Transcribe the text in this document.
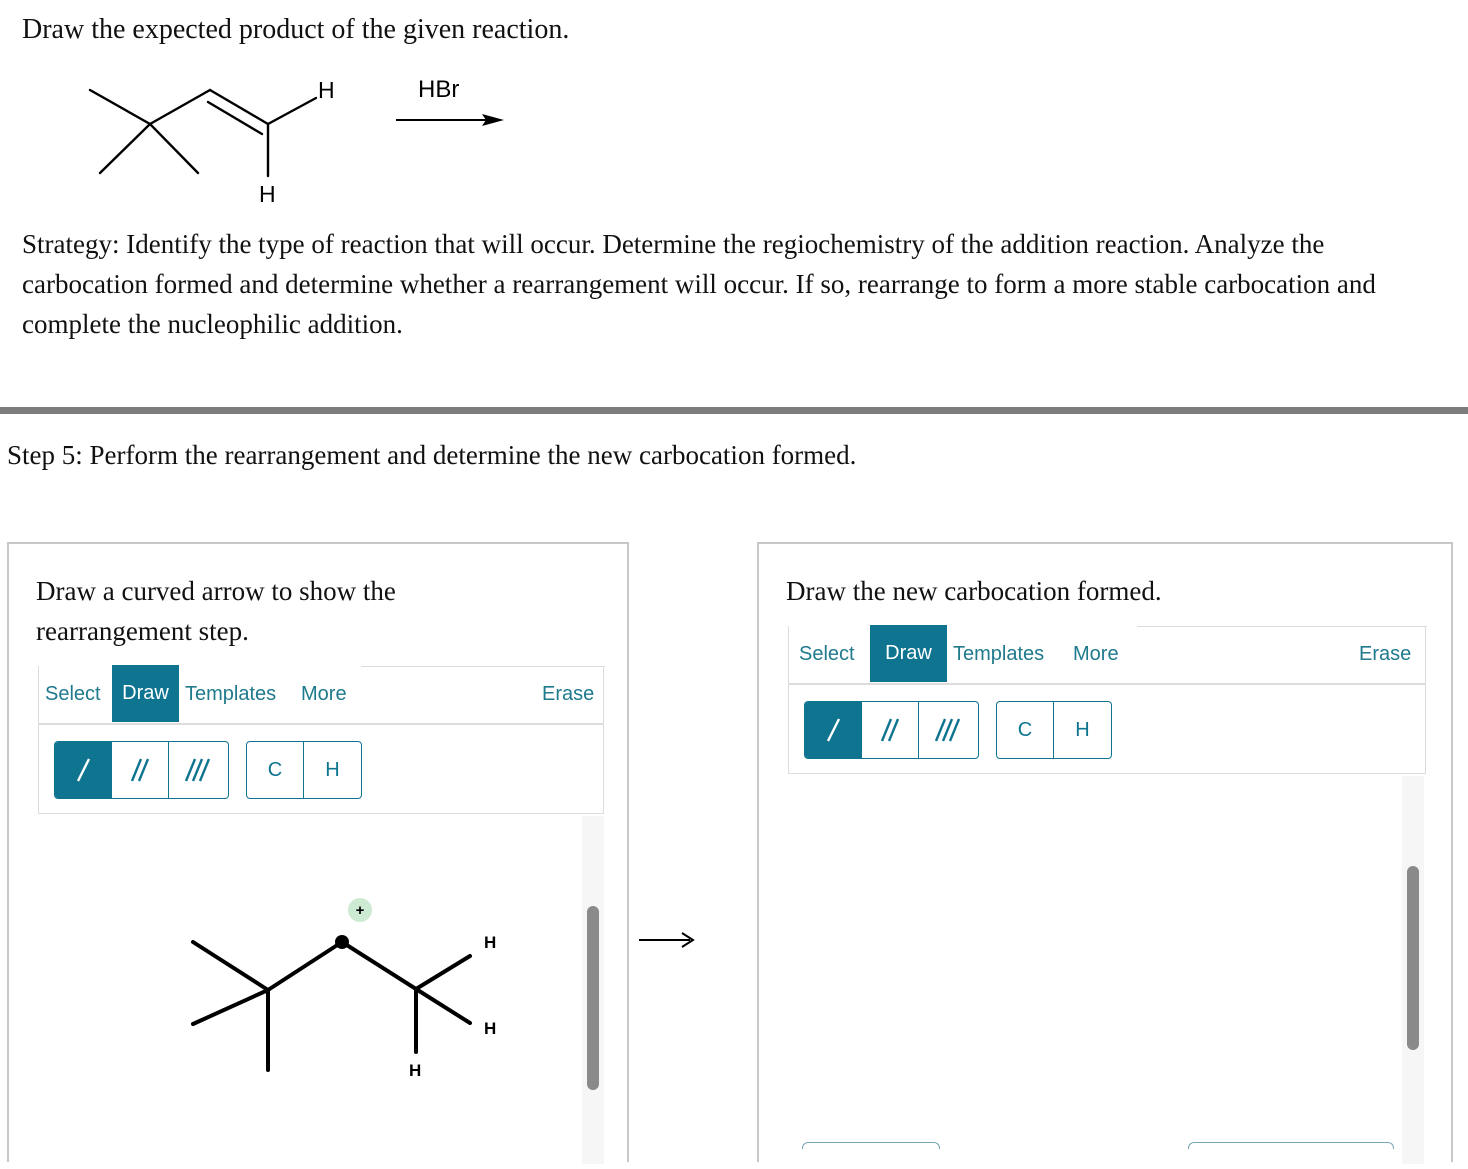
Draw the expected product of the given reaction.
H
H
HBr

Strategy: Identify the type of reaction that will occur. Determine the regiochemistry of the addition reaction. Analyze the carbocation formed and determine whether a rearrangement will occur. If so, rearrange to form a more stable carbocation and complete the nucleophilic addition.

Step 5: Perform the rearrangement and determine the new carbocation formed.

Draw a curved arrow to show the rearrangement step.

Select	Draw Templates More	Erase
C	H
+
H
H
H

Draw the new carbocation formed.

Select	Draw	Templates More	Erase
C	H
